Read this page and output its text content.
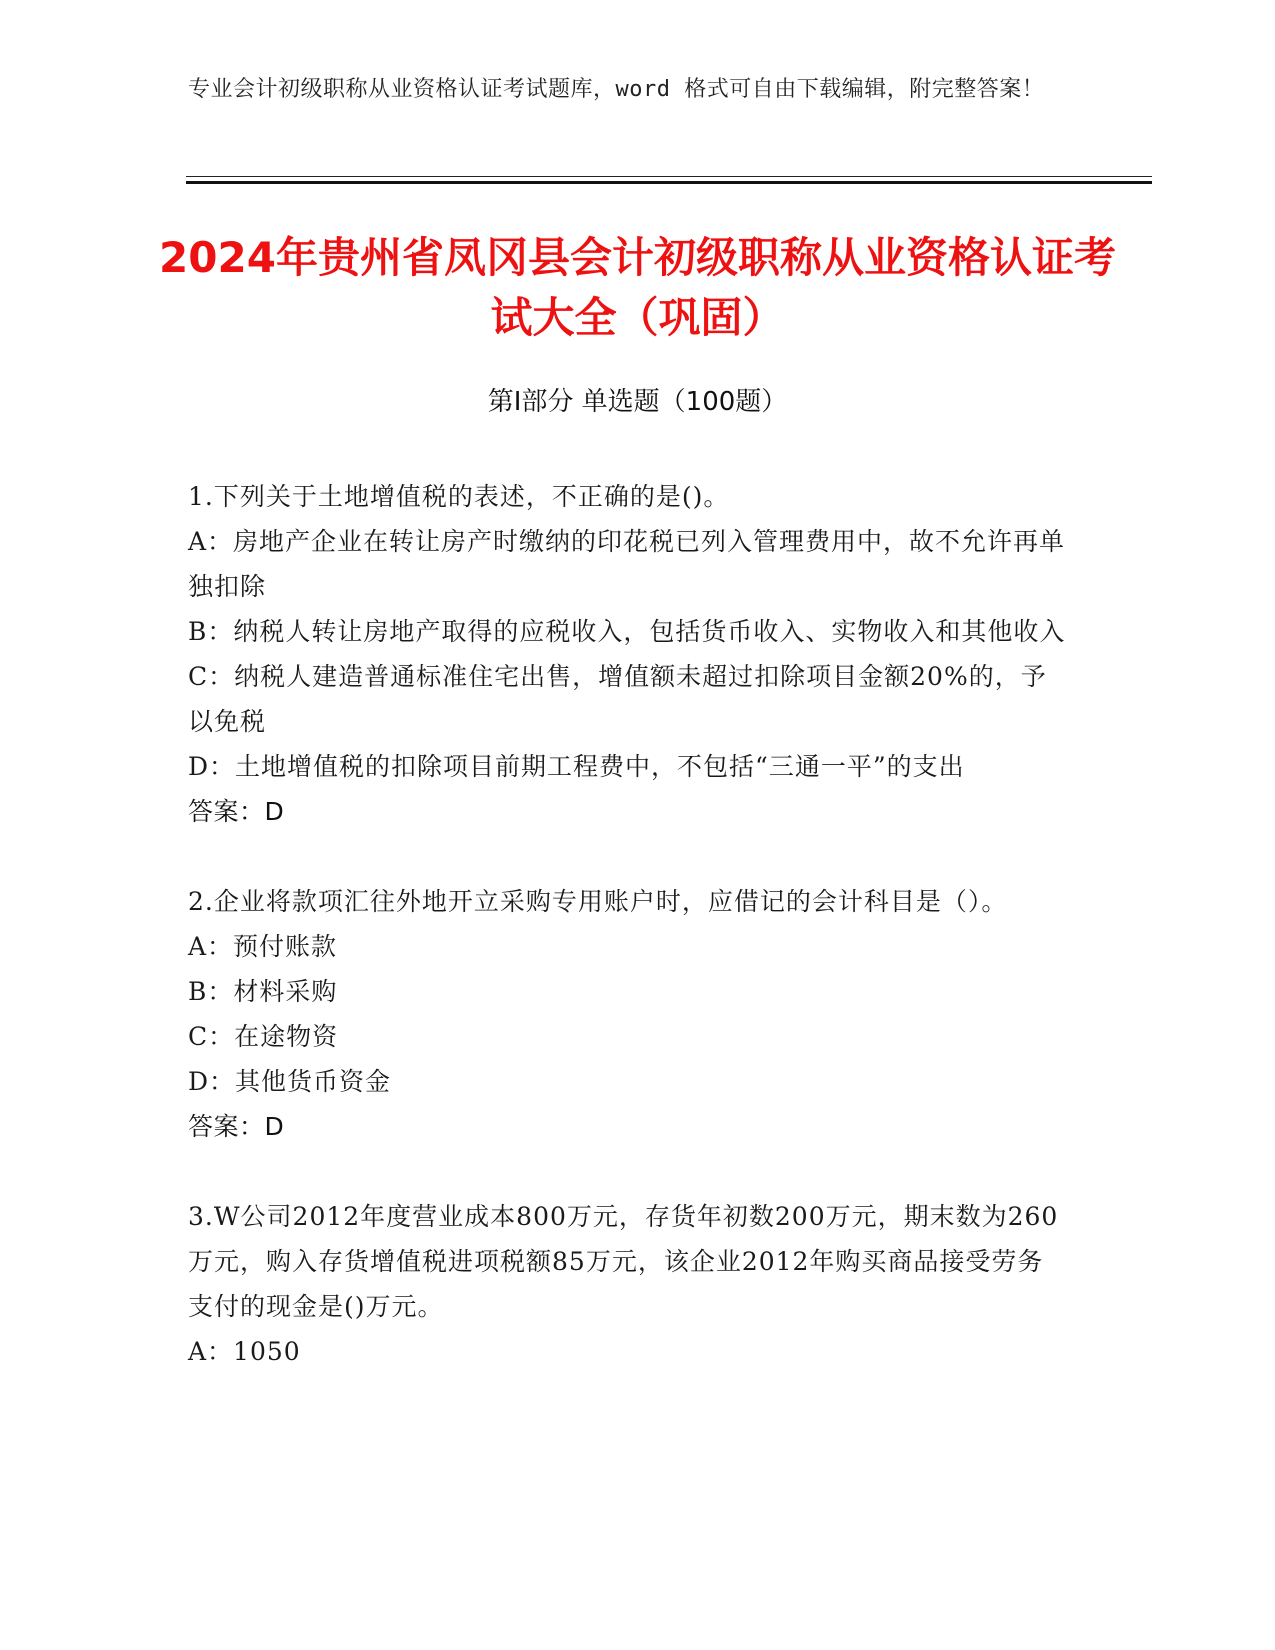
专业会计初级职称从业资格认证考试题库，word 格式可自由下载编辑，附完整答案！
2024年贵州省凤冈县会计初级职称从业资格认证考试大全（巩固）
第I部分 单选题（100题）

1.下列关于土地增值税的表述，不正确的是()。

A：房地产企业在转让房产时缴纳的印花税已列入管理费用中，故不允许再单独扣除

B：纳税人转让房地产取得的应税收入，包括货币收入、实物收入和其他收入

C：纳税人建造普通标准住宅出售，增值额未超过扣除项目金额20%的，予以免税

D：土地增值税的扣除项目前期工程费中，不包括“三通一平”的支出

答案：D

2.企业将款项汇往外地开立采购专用账户时，应借记的会计科目是（）。

A：预付账款

B：材料采购

C：在途物资

D：其他货币资金

答案：D

3.W公司2012年度营业成本800万元，存货年初数200万元，期末数为260万元，购入存货增值税进项税额85万元，该企业2012年购买商品接受劳务支付的现金是()万元。

A：1050
